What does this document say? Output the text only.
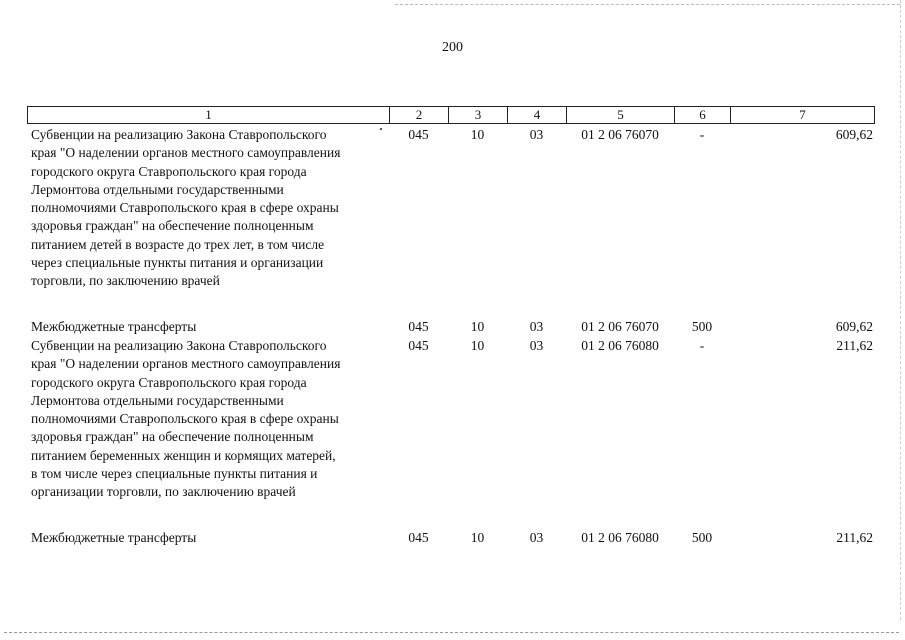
200
1	2	3	4	5	6	7
Субвенции на реализацию Закона Ставропольского
края "О наделении органов местного самоуправления
городского округа Ставропольского края города
Лермонтова отдельными государственными
полномочиями Ставропольского края в сфере охраны
здоровья граждан" на обеспечение полноценным
питанием детей в возрасте до трех лет, в том числе
через специальные пункты питания и организации
торговли, по заключению врачей
045	10	03	01 2 06 76070	-	609,62
Межбюджетные трансферты	045	10	03	01 2 06 76070	500	609,62
Субвенции на реализацию Закона Ставропольского
края "О наделении органов местного самоуправления
городского округа Ставропольского края города
Лермонтова отдельными государственными
полномочиями Ставропольского края в сфере охраны
здоровья граждан" на обеспечение полноценным
питанием беременных женщин и кормящих матерей,
в том числе через специальные пункты питания и
организации торговли, по заключению врачей
045	10	03	01 2 06 76080	-	211,62
Межбюджетные трансферты	045	10	03	01 2 06 76080	500	211,62
